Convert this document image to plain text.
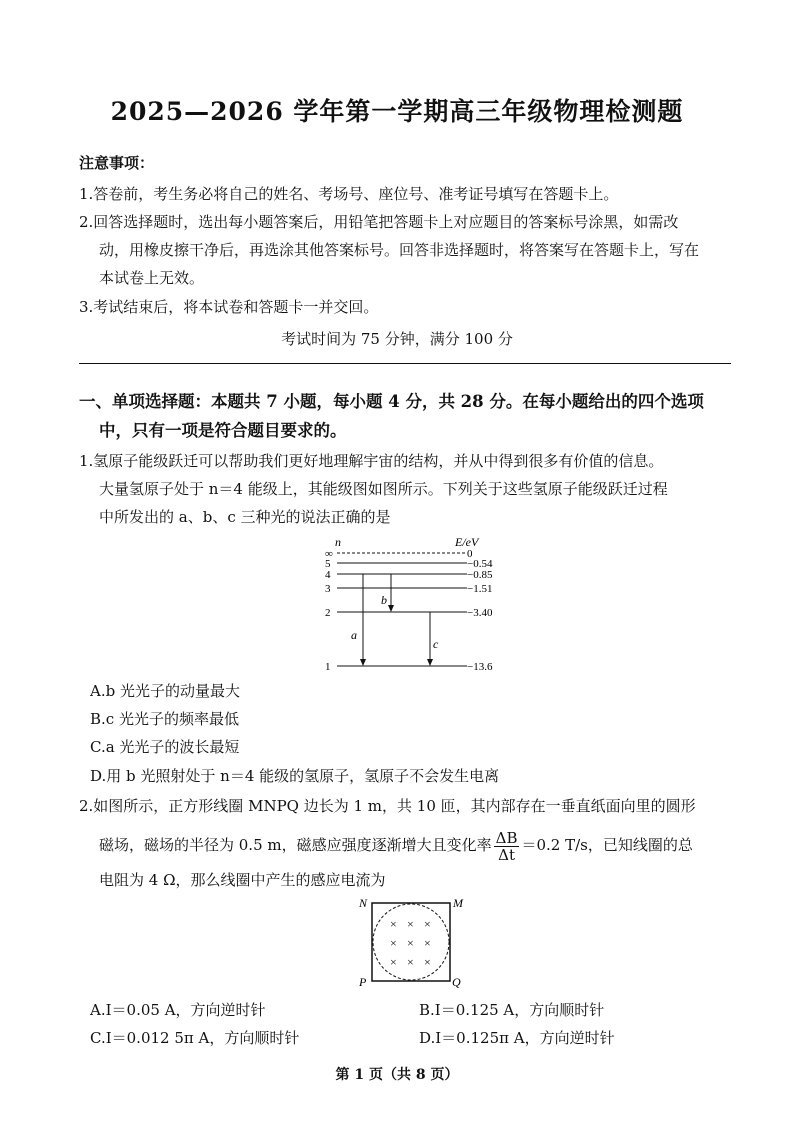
2025—2026 学年第一学期高三年级物理检测题
注意事项：
1.答卷前，考生务必将自己的姓名、考场号、座位号、准考证号填写在答题卡上。
2.回答选择题时，选出每小题答案后，用铅笔把答题卡上对应题目的答案标号涂黑，如需改
动，用橡皮擦干净后，再选涂其他答案标号。回答非选择题时，将答案写在答题卡上，写在
本试卷上无效。
3.考试结束后，将本试卷和答题卡一并交回。
考试时间为 75 分钟，满分 100 分
一、单项选择题：本题共 7 小题，每小题 4 分，共 28 分。在每小题给出的四个选项
中，只有一项是符合题目要求的。
1.氢原子能级跃迁可以帮助我们更好地理解宇宙的结构，并从中得到很多有价值的信息。
大量氢原子处于 n＝4 能级上，其能级图如图所示。下列关于这些氢原子能级跃迁过程
中所发出的 a、b、c 三种光的说法正确的是
n	E/eV
∞
5
4
3
2
1
0
−0.54
−0.85
−1.51
−3.40
−13.6
a
b
c
A.b 光光子的动量最大
B.c 光光子的频率最低
C.a 光光子的波长最短
D.用 b 光照射处于 n＝4 能级的氢原子，氢原子不会发生电离
2.如图所示，正方形线圈 MNPQ 边长为 1 m，共 10 匝，其内部存在一垂直纸面向里的圆形
磁场，磁场的半径为 0.5 m，磁感应强度逐渐增大且变化率 $\frac{\Delta B}{\Delta t} =0.2$ T/s，已知线圈的总
电阻为 4 Ω，那么线圈中产生的感应电流为
N	M
P	Q
× × ×
× × ×
× × ×
A.I＝0.05 A，方向逆时针	B.I＝0.125 A，方向顺时针
C.I＝0.012 5π A，方向顺时针	D.I＝0.125π A，方向逆时针
第 1 页（共 8 页）
